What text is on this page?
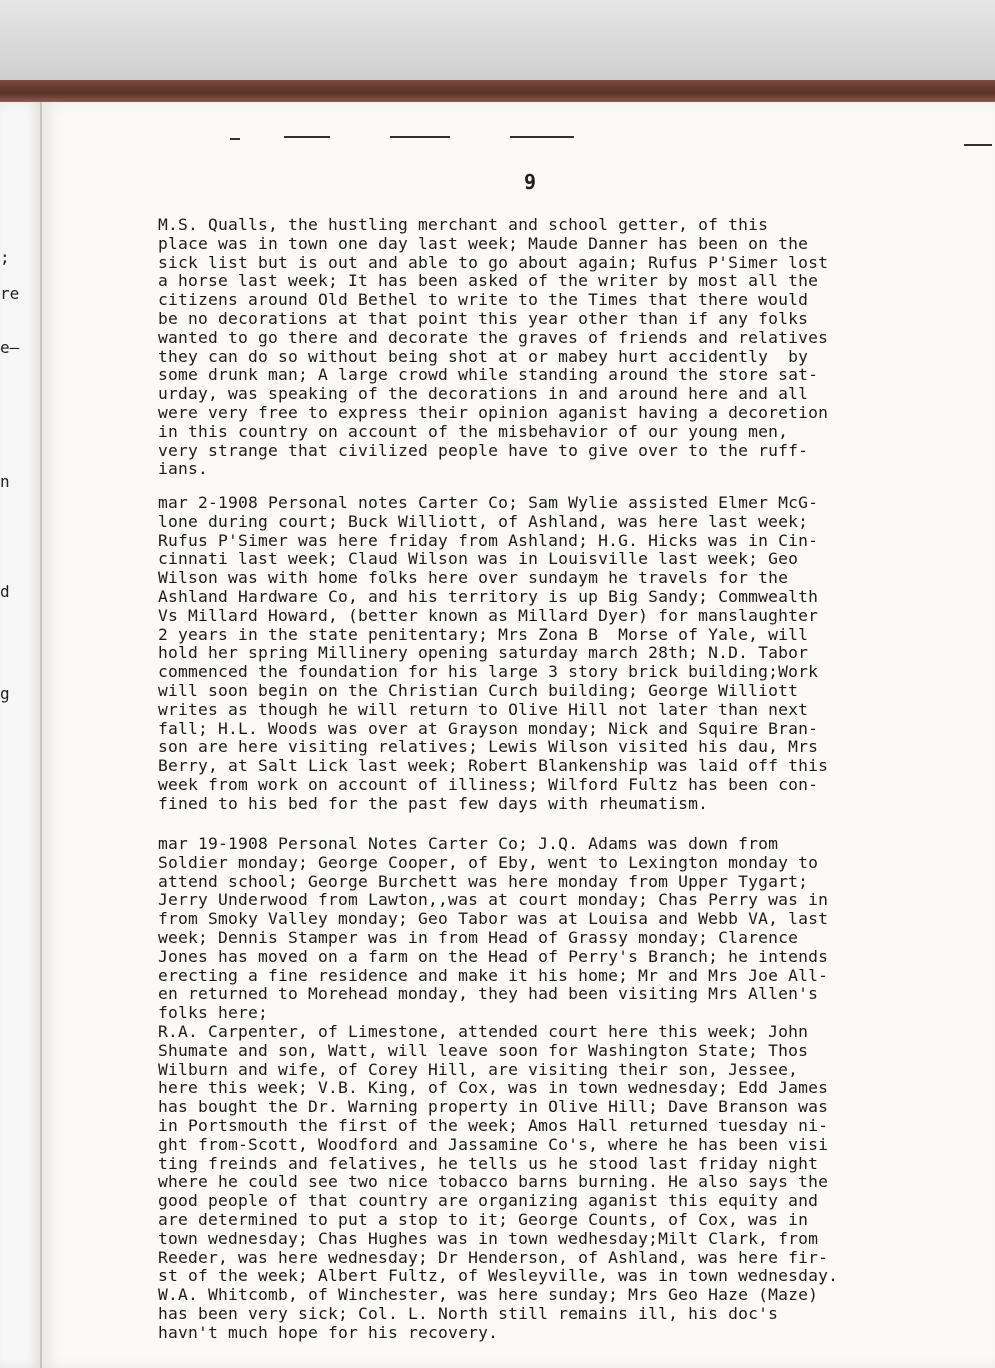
;
re
e–
n
d
g
9

M.S. Qualls, the hustling merchant and school getter, of this
place was in town one day last week; Maude Danner has been on the
sick list but is out and able to go about again; Rufus P'Simer lost
a horse last week; It has been asked of the writer by most all the
citizens around Old Bethel to write to the Times that there would
be no decorations at that point this year other than if any folks
wanted to go there and decorate the graves of friends and relatives
they can do so without being shot at or mabey hurt accidently  by
some drunk man; A large crowd while standing around the store sat-
urday, was speaking of the decorations in and around here and all
were very free to express their opinion aganist having a decoretion
in this country on account of the misbehavior of our young men,
very strange that civilized people have to give over to the ruff-
ians.

mar 2-1908 Personal notes Carter Co; Sam Wylie assisted Elmer McG-
lone during court; Buck Williott, of Ashland, was here last week;
Rufus P'Simer was here friday from Ashland; H.G. Hicks was in Cin-
cinnati last week; Claud Wilson was in Louisville last week; Geo
Wilson was with home folks here over sundaym he travels for the
Ashland Hardware Co, and his territory is up Big Sandy; Commwealth
Vs Millard Howard, (better known as Millard Dyer) for manslaughter
2 years in the state penitentary; Mrs Zona B  Morse of Yale, will
hold her spring Millinery opening saturday march 28th; N.D. Tabor
commenced the foundation for his large 3 story brick building;Work
will soon begin on the Christian Curch building; George Williott
writes as though he will return to Olive Hill not later than next
fall; H.L. Woods was over at Grayson monday; Nick and Squire Bran-
son are here visiting relatives; Lewis Wilson visited his dau, Mrs
Berry, at Salt Lick last week; Robert Blankenship was laid off this
week from work on account of illiness; Wilford Fultz has been con-
fined to his bed for the past few days with rheumatism.

mar 19-1908 Personal Notes Carter Co; J.Q. Adams was down from
Soldier monday; George Cooper, of Eby, went to Lexington monday to
attend school; George Burchett was here monday from Upper Tygart;
Jerry Underwood from Lawton,,was at court monday; Chas Perry was in
from Smoky Valley monday; Geo Tabor was at Louisa and Webb VA, last
week; Dennis Stamper was in from Head of Grassy monday; Clarence
Jones has moved on a farm on the Head of Perry's Branch; he intends
erecting a fine residence and make it his home; Mr and Mrs Joe All-
en returned to Morehead monday, they had been visiting Mrs Allen's
folks here;
R.A. Carpenter, of Limestone, attended court here this week; John
Shumate and son, Watt, will leave soon for Washington State; Thos
Wilburn and wife, of Corey Hill, are visiting their son, Jessee,
here this week; V.B. King, of Cox, was in town wednesday; Edd James
has bought the Dr. Warning property in Olive Hill; Dave Branson was
in Portsmouth the first of the week; Amos Hall returned tuesday ni-
ght from-Scott, Woodford and Jassamine Co's, where he has been visi
ting freinds and felatives, he tells us he stood last friday night
where he could see two nice tobacco barns burning. He also says the
good people of that country are organizing aganist this equity and
are determined to put a stop to it; George Counts, of Cox, was in
town wednesday; Chas Hughes was in town wedhesday;Milt Clark, from
Reeder, was here wednesday; Dr Henderson, of Ashland, was here fir-
st of the week; Albert Fultz, of Wesleyville, was in town wednesday.
W.A. Whitcomb, of Winchester, was here sunday; Mrs Geo Haze (Maze)
has been very sick; Col. L. North still remains ill, his doc's
havn't much hope for his recovery.
